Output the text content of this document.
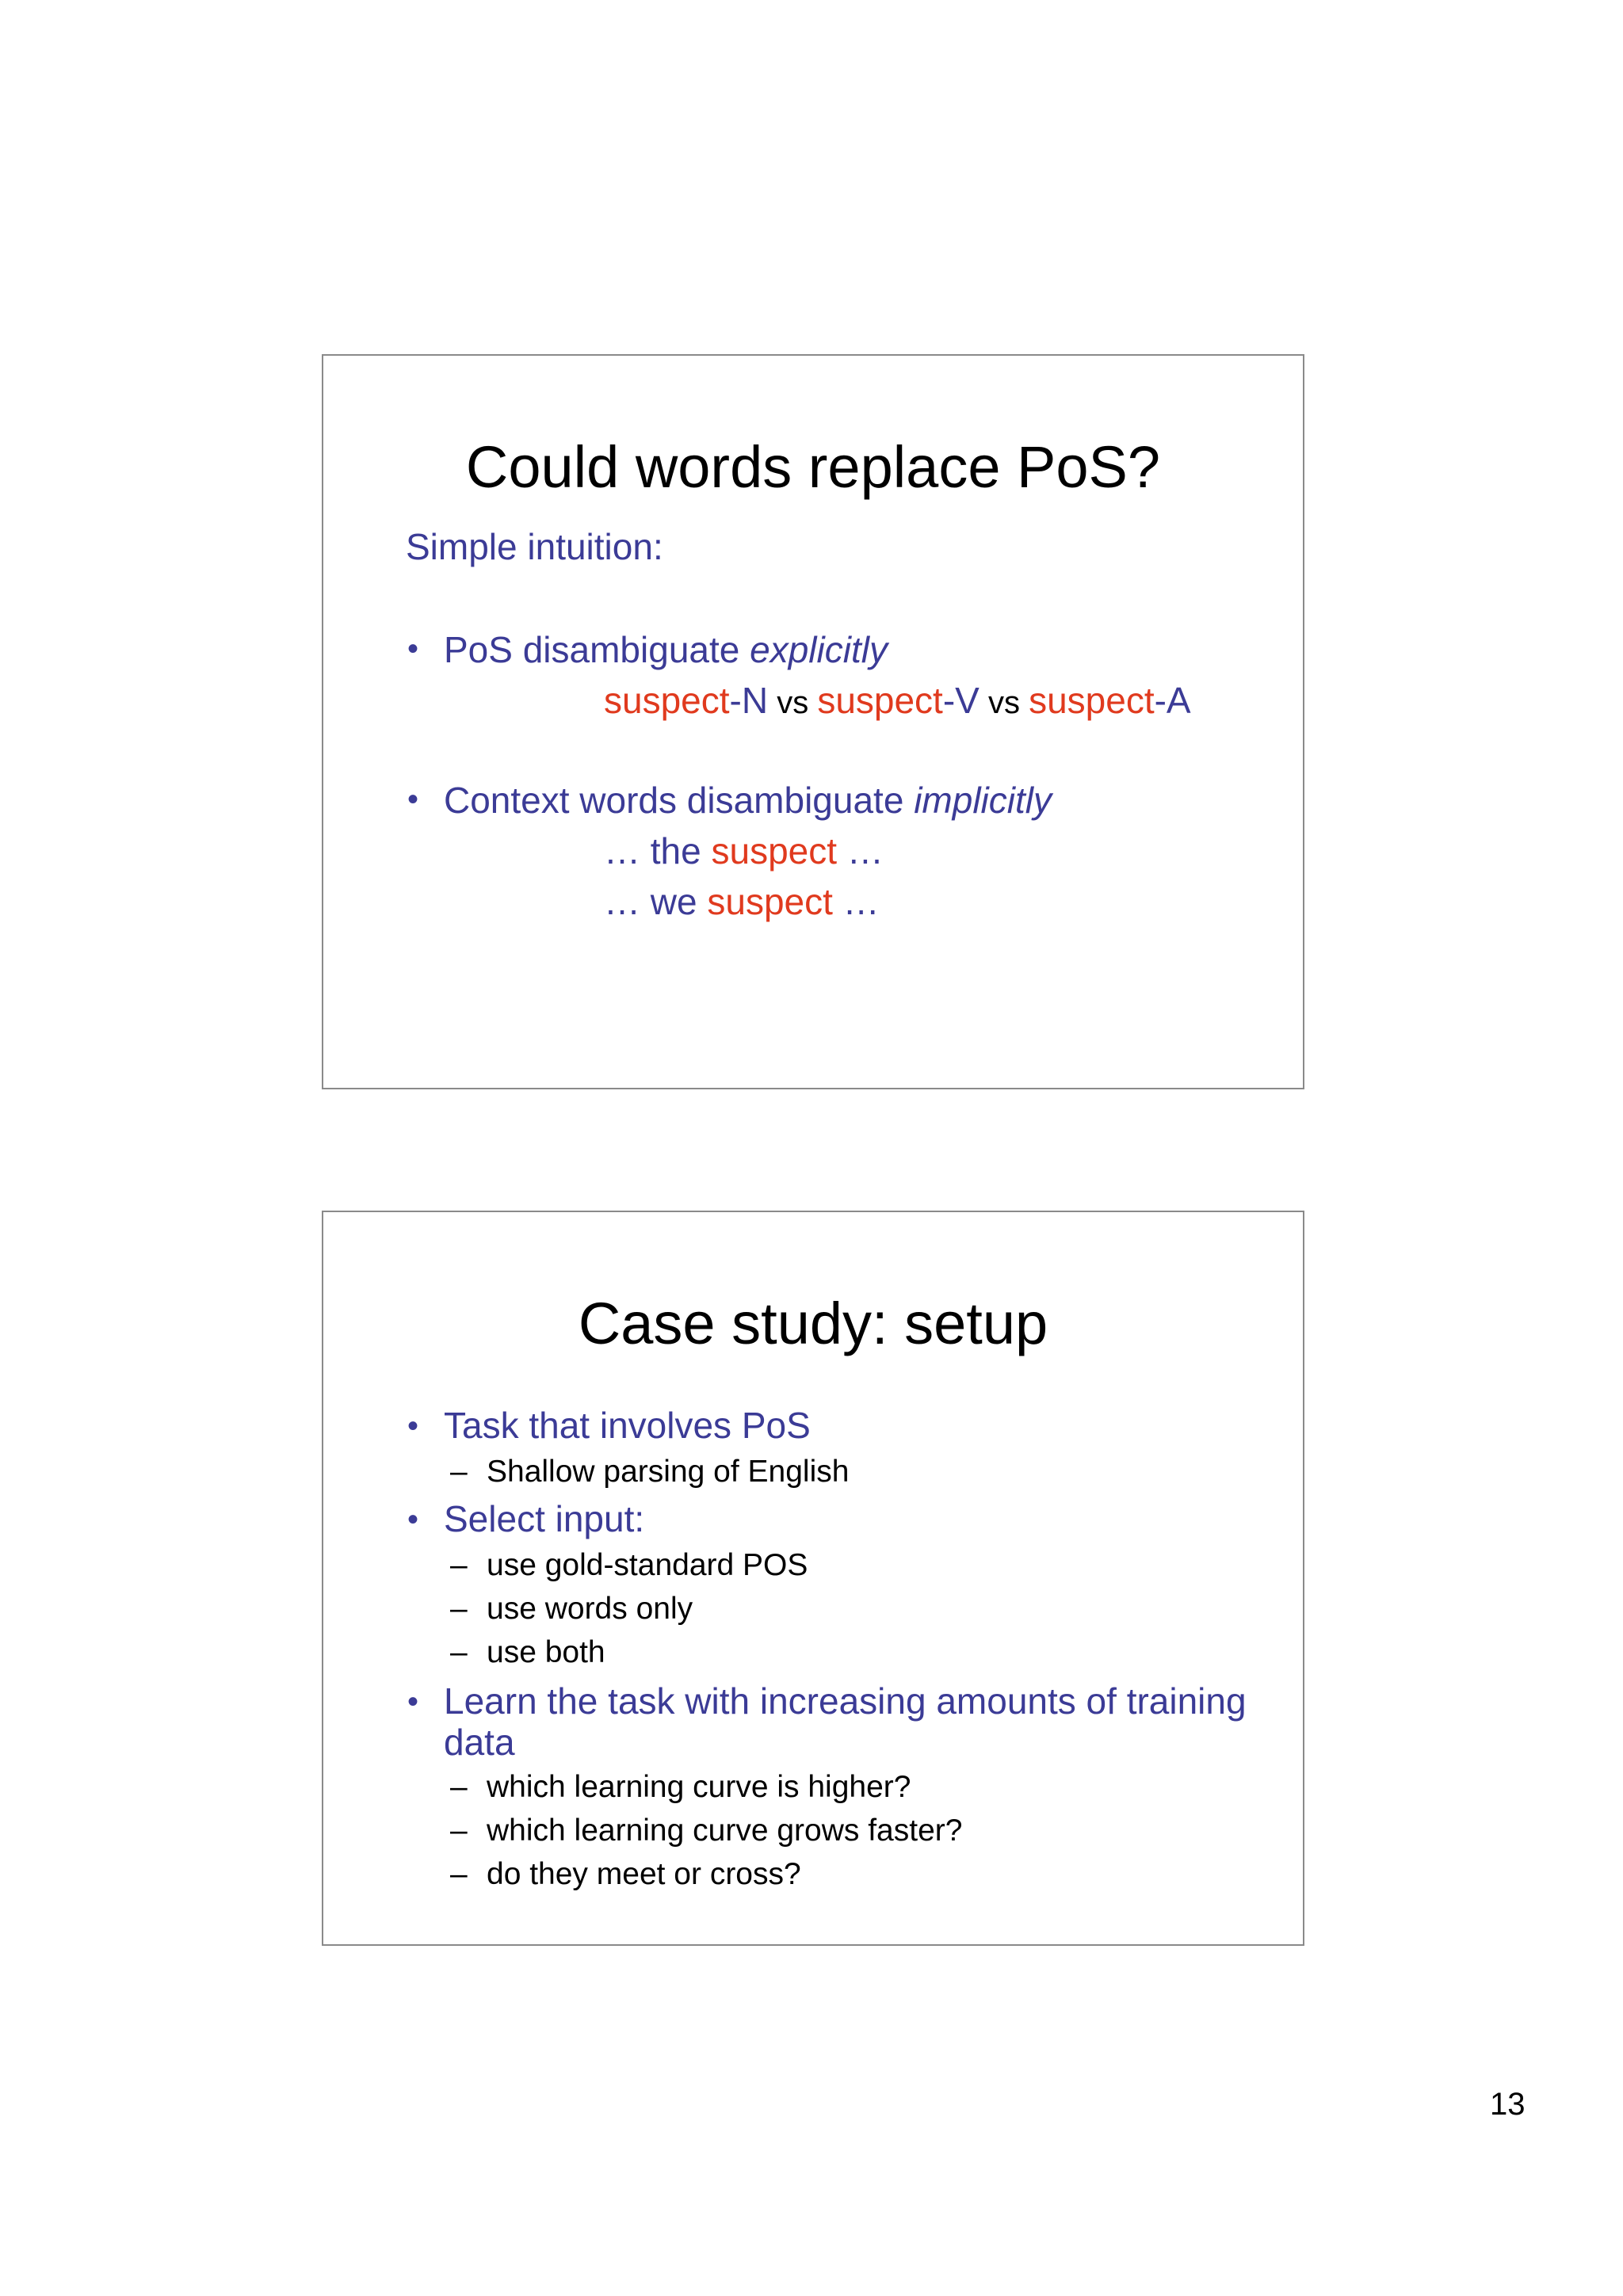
Could words replace PoS?
Simple intuition:
• PoS disambiguate explicitly
suspect-N vs suspect-V vs suspect-A
• Context words disambiguate implicitly
… the suspect …
… we suspect …
Case study: setup
• Task that involves PoS
– Shallow parsing of English
• Select input:
– use gold-standard POS
– use words only
– use both
• Learn the task with increasing amounts of training
data
– which learning curve is higher?
– which learning curve grows faster?
– do they meet or cross?
13
